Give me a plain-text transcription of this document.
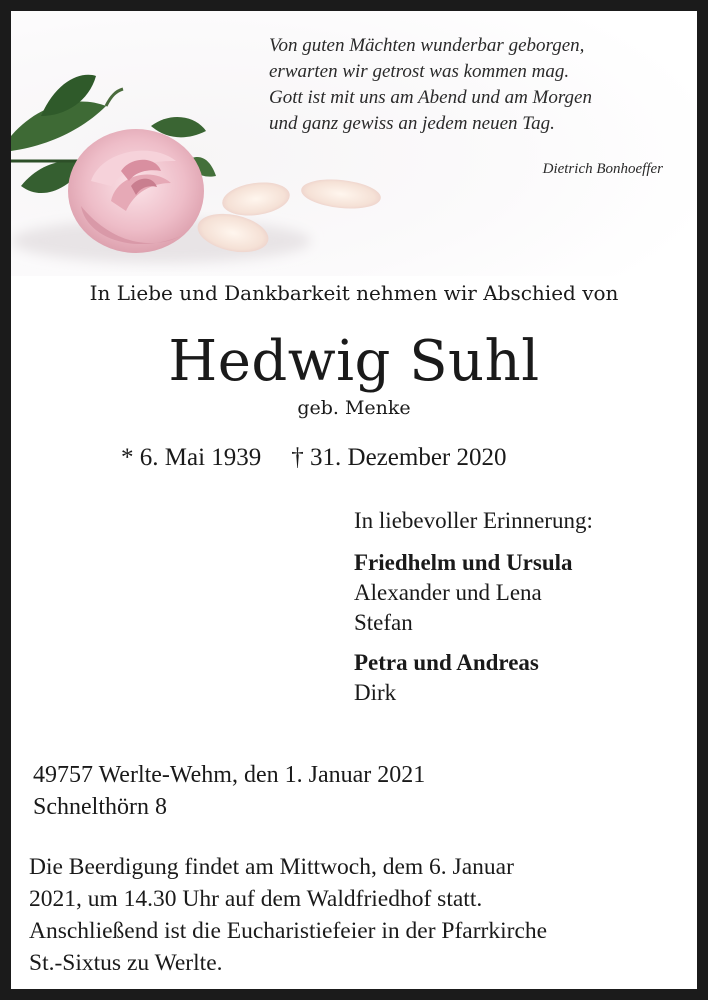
Von guten Mächten wunderbar geborgen,
erwarten wir getrost was kommen mag.
Gott ist mit uns am Abend und am Morgen
und ganz gewiss an jedem neuen Tag.
Dietrich Bonhoeffer
In Liebe und Dankbarkeit nehmen wir Abschied von
Hedwig Suhl
geb. Menke
* 6. Mai 1939 † 31. Dezember 2020
In liebevoller Erinnerung:
Friedhelm und Ursula
Alexander und Lena
Stefan
Petra und Andreas
Dirk
49757 Werlte-Wehm, den 1. Januar 2021
Schnelthörn 8
Die Beerdigung findet am Mittwoch, dem 6. Januar
2021, um 14.30 Uhr auf dem Waldfriedhof statt.
Anschließend ist die Eucharistiefeier in der Pfarrkirche
St.-Sixtus zu Werlte.
